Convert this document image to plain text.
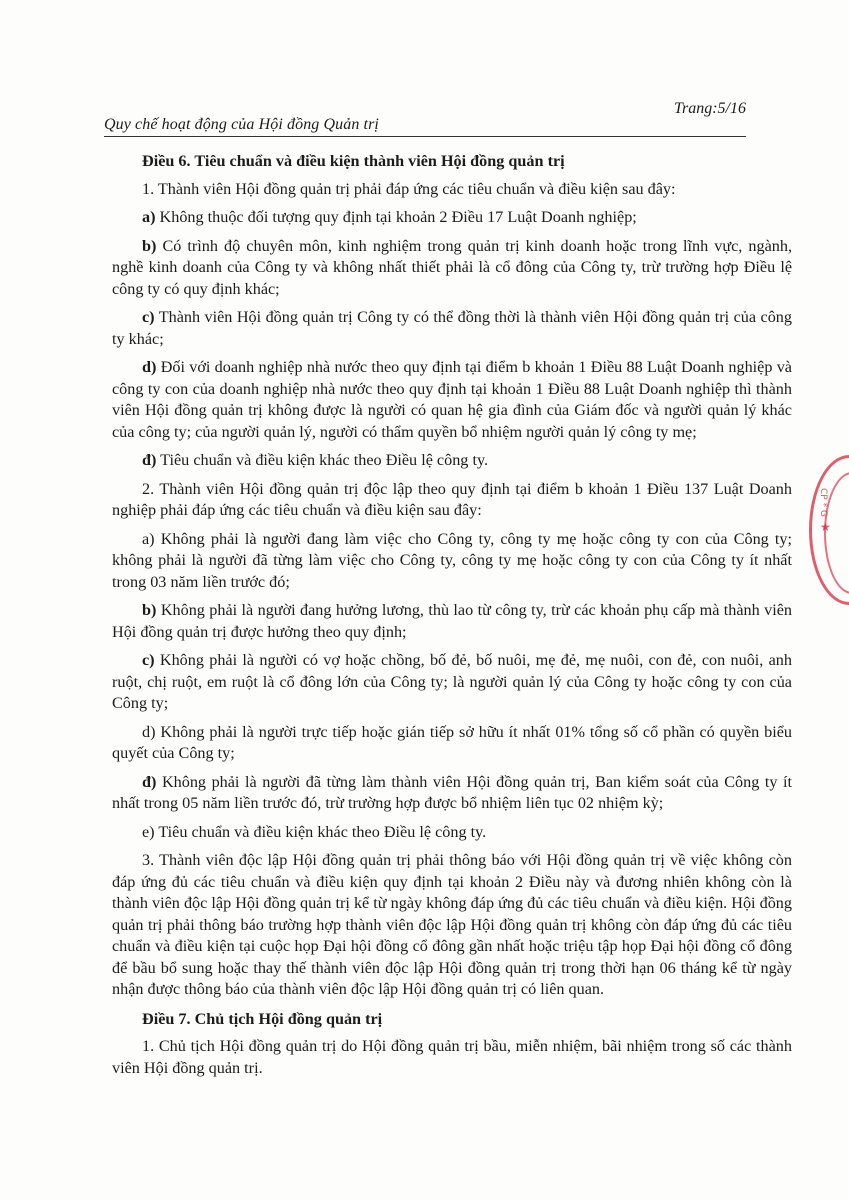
Quy chế hoạt động của Hội đồng Quản trị
Trang:5/16
Điều 6. Tiêu chuẩn và điều kiện thành viên Hội đồng quản trị
1. Thành viên Hội đồng quản trị phải đáp ứng các tiêu chuẩn và điều kiện sau đây:
a) Không thuộc đối tượng quy định tại khoản 2 Điều 17 Luật Doanh nghiệp;
b) Có trình độ chuyên môn, kinh nghiệm trong quản trị kinh doanh hoặc trong lĩnh vực, ngành, nghề kinh doanh của Công ty và không nhất thiết phải là cổ đông của Công ty, trừ trường hợp Điều lệ công ty có quy định khác;
c) Thành viên Hội đồng quản trị Công ty có thể đồng thời là thành viên Hội đồng quản trị của công ty khác;
d) Đối với doanh nghiệp nhà nước theo quy định tại điểm b khoản 1 Điều 88 Luật Doanh nghiệp và công ty con của doanh nghiệp nhà nước theo quy định tại khoản 1 Điều 88 Luật Doanh nghiệp thì thành viên Hội đồng quản trị không được là người có quan hệ gia đình của Giám đốc và người quản lý khác của công ty; của người quản lý, người có thẩm quyền bổ nhiệm người quản lý công ty mẹ;
đ) Tiêu chuẩn và điều kiện khác theo Điều lệ công ty.
2. Thành viên Hội đồng quản trị độc lập theo quy định tại điểm b khoản 1 Điều 137 Luật Doanh nghiệp phải đáp ứng các tiêu chuẩn và điều kiện sau đây:
a) Không phải là người đang làm việc cho Công ty, công ty mẹ hoặc công ty con của Công ty; không phải là người đã từng làm việc cho Công ty, công ty mẹ hoặc công ty con của Công ty ít nhất trong 03 năm liền trước đó;
b) Không phải là người đang hưởng lương, thù lao từ công ty, trừ các khoản phụ cấp mà thành viên Hội đồng quản trị được hưởng theo quy định;
c) Không phải là người có vợ hoặc chồng, bố đẻ, bố nuôi, mẹ đẻ, mẹ nuôi, con đẻ, con nuôi, anh ruột, chị ruột, em ruột là cổ đông lớn của Công ty; là người quản lý của Công ty hoặc công ty con của Công ty;
d) Không phải là người trực tiếp hoặc gián tiếp sở hữu ít nhất 01% tổng số cổ phần có quyền biểu quyết của Công ty;
đ) Không phải là người đã từng làm thành viên Hội đồng quản trị, Ban kiểm soát của Công ty ít nhất trong 05 năm liền trước đó, trừ trường hợp được bổ nhiệm liên tục 02 nhiệm kỳ;
e) Tiêu chuẩn và điều kiện khác theo Điều lệ công ty.
3. Thành viên độc lập Hội đồng quản trị phải thông báo với Hội đồng quản trị về việc không còn đáp ứng đủ các tiêu chuẩn và điều kiện quy định tại khoản 2 Điều này và đương nhiên không còn là thành viên độc lập Hội đồng quản trị kể từ ngày không đáp ứng đủ các tiêu chuẩn và điều kiện. Hội đồng quản trị phải thông báo trường hợp thành viên độc lập Hội đồng quản trị không còn đáp ứng đủ các tiêu chuẩn và điều kiện tại cuộc họp Đại hội đồng cổ đông gần nhất hoặc triệu tập họp Đại hội đồng cổ đông để bầu bổ sung hoặc thay thế thành viên độc lập Hội đồng quản trị trong thời hạn 06 tháng kể từ ngày nhận được thông báo của thành viên độc lập Hội đồng quản trị có liên quan.
Điều 7. Chủ tịch Hội đồng quản trị
1. Chủ tịch Hội đồng quản trị do Hội đồng quản trị bầu, miễn nhiệm, bãi nhiệm trong số các thành viên Hội đồng quản trị.
CP * G
★
